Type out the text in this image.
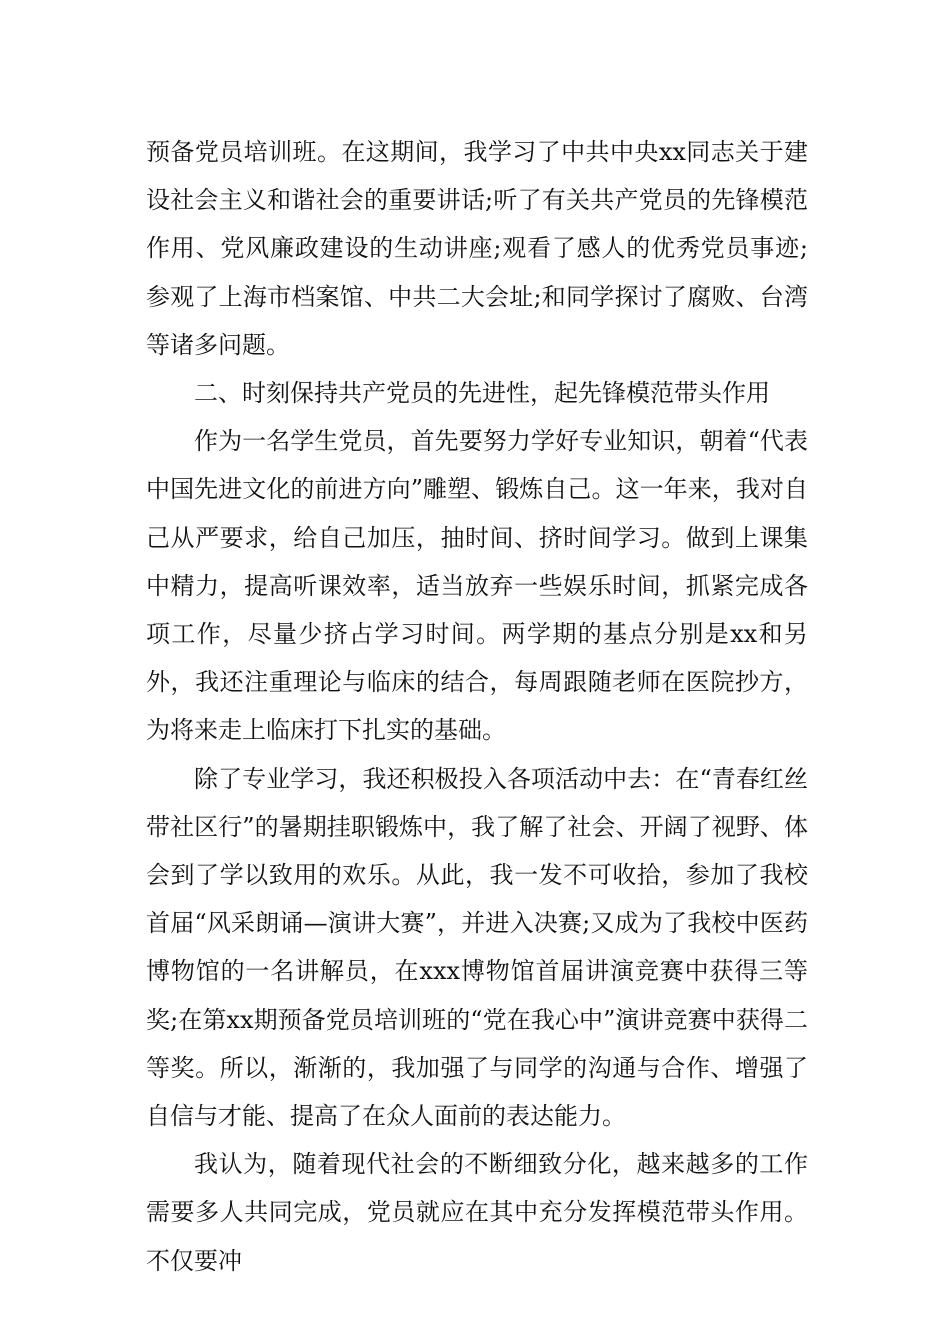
预备党员培训班。在这期间，我学习了中共中央xx同志关于建设社会主义和谐社会的重要讲话;听了有关共产党员的先锋模范作用、党风廉政建设的生动讲座;观看了感人的优秀党员事迹;参观了上海市档案馆、中共二大会址;和同学探讨了腐败、台湾等诸多问题。

二、时刻保持共产党员的先进性，起先锋模范带头作用

作为一名学生党员，首先要努力学好专业知识，朝着“代表中国先进文化的前进方向”雕塑、锻炼自己。这一年来，我对自己从严要求，给自己加压，抽时间、挤时间学习。做到上课集中精力，提高听课效率，适当放弃一些娱乐时间，抓紧完成各项工作，尽量少挤占学习时间。两学期的基点分别是xx和另外，我还注重理论与临床的结合，每周跟随老师在医院抄方，为将来走上临床打下扎实的基础。

除了专业学习，我还积极投入各项活动中去：在“青春红丝带社区行”的暑期挂职锻炼中，我了解了社会、开阔了视野、体会到了学以致用的欢乐。从此，我一发不可收拾，参加了我校首届“风采朗诵—演讲大赛”，并进入决赛;又成为了我校中医药博物馆的一名讲解员，在xxx博物馆首届讲演竞赛中获得三等奖;在第xx期预备党员培训班的“党在我心中”演讲竞赛中获得二等奖。所以，渐渐的，我加强了与同学的沟通与合作、增强了自信与才能、提高了在众人面前的表达能力。

我认为，随着现代社会的不断细致分化，越来越多的工作需要多人共同完成，党员就应在其中充分发挥模范带头作用。不仅要冲
